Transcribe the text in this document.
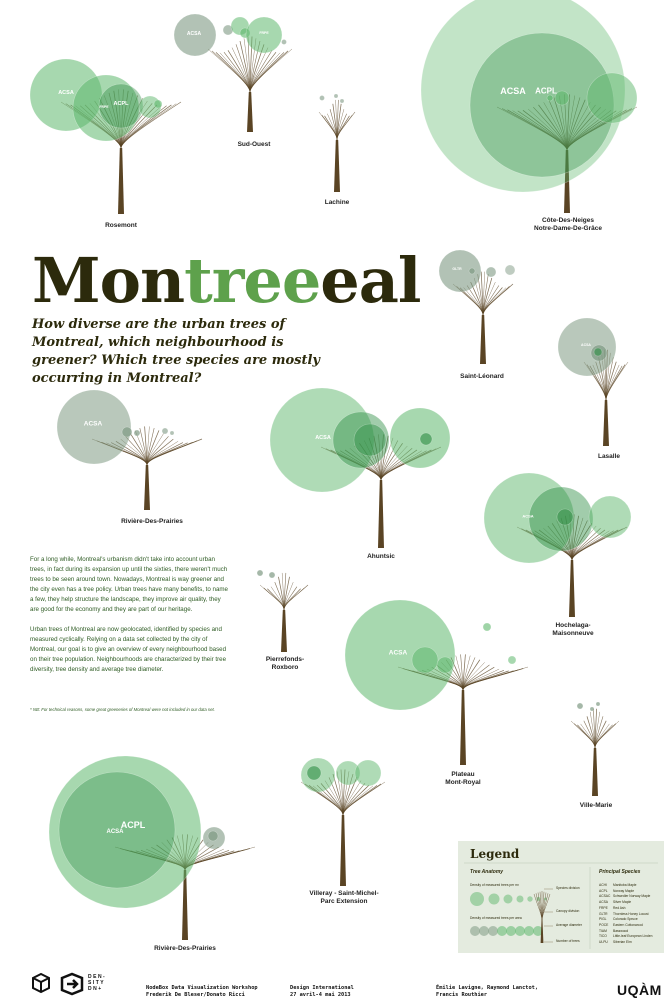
Montreeeal
How diverse are the urban trees of Montreal, which neighbourhood is greener? Which tree species are mostly occurring in Montreal?

For a long while, Montreal's urbanism didn't take into account urban trees, in fact during its expansion up until the sixties, there weren't much trees to be seen around town. Nowadays, Montreal is way greener and the city even has a tree policy. Urban trees have many benefits, to name a few, they help structure the landscape, they improve air quality, they are good for the economy and they are part of our heritage.

Urban trees of Montreal are now geolocated, identified by species and measured cyclically. Relying on a data set collected by the city of Montreal, our goal is to give an overview of every neighbourhood based on their tree population. Neighbourhoods are characterized by their tree diversity, tree density and average tree diameter.

* NB: For technical reasons, some great greeneries of Montreal were not included in our data set.
Rosemont
Sud-Ouest
Lachine
Côte-Des-Neiges
Notre-Dame-De-Grâce
Saint-Léonard
Lasalle
Rivière-Des-Prairies
Ahuntsic
Hochelaga-
Maisonneuve
Pierrefonds-
Roxboro
Plateau
Mont-Royal
Ville-Marie
Villeray - Saint-Michel-
Parc Extension
Rivière-Des-Prairies
ACSA
ACPL
FRPE
ACSA	FRPE
ACSA ACPL
GLTR
ACSA
ACSA
ACSA
ACSA
ACSA
ACPL
ACSA
Legend
Tree Anatomy	Principal Species
Density of measured trees per m²
Density of measured trees per area
Species division
Canopy division
Average diameter
Number of trees
ACHI Manitoba Maple
ACPL Norway Maple
ACSAC Schwedler Norway Maple
ACSA Silver Maple
FRPE Red Ash
GLTR Thornless Honey Locust
PIGL Colorado Spruce
POCE Eastern Cottonwood
TIAM Basswood
TICO Little-leaf European Linden
ULPU Siberian Elm
DEN-
SITY
DN+	NodeBox Data Visualization Workshop
Frederik De Bleser/Donato Ricci
Design International
27 avril-4 mai 2013
Émilie Lavigne, Raymond Lanctot,
Francis Routhier	UQÀM
